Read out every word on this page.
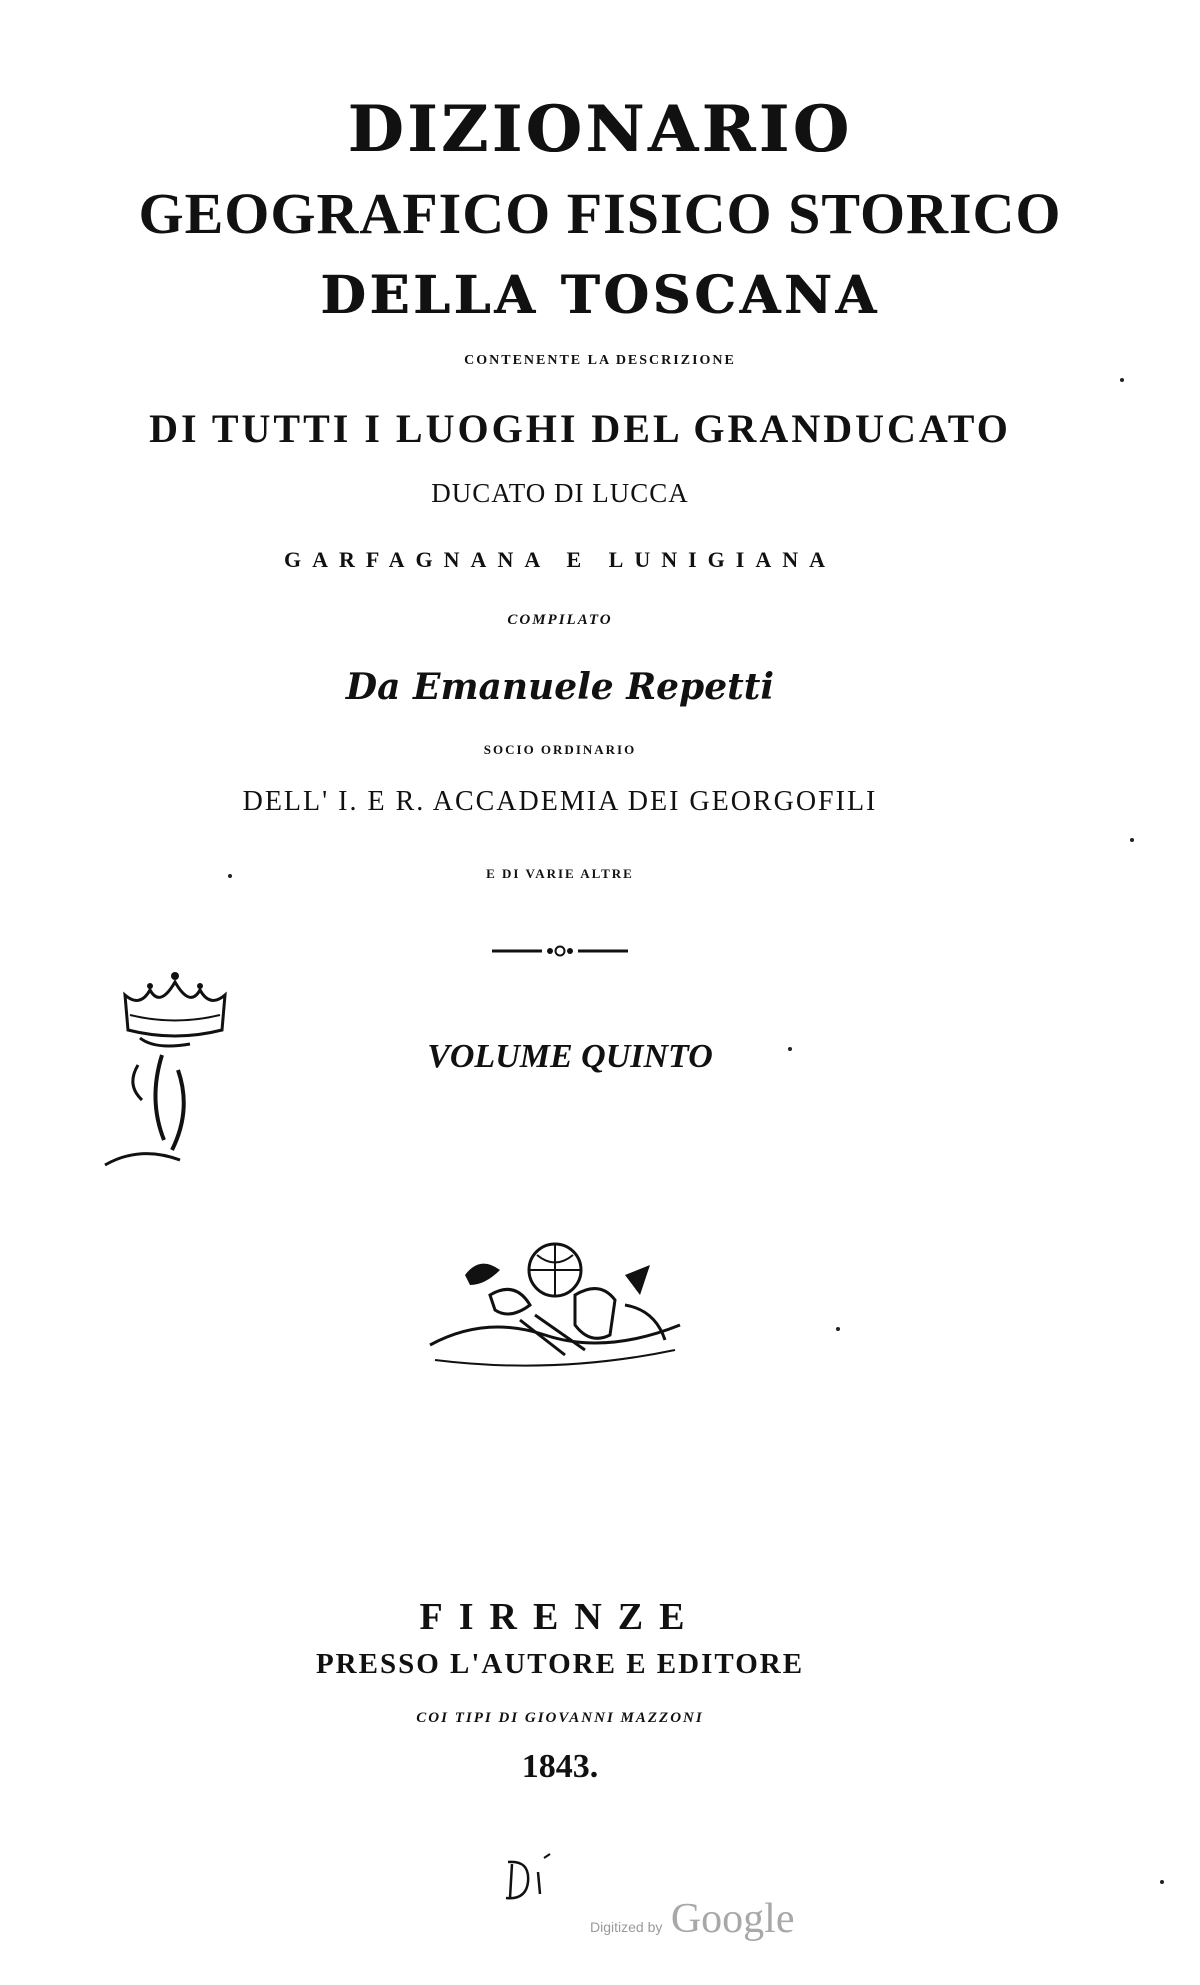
DIZIONARIO
GEOGRAFICO FISICO STORICO
DELLA TOSCANA
CONTENENTE LA DESCRIZIONE
DI TUTTI I LUOGHI DEL GRANDUCATO
DUCATO DI LUCCA
GARFAGNANA E LUNIGIANA
COMPILATO
Da Emanuele Repetti
SOCIO ORDINARIO
DELL' I. E R. ACCADEMIA DEI GEORGOFILI
E DI VARIE ALTRE
VOLUME QUINTO
FIRENZE
PRESSO L'AUTORE E EDITORE
COI TIPI DI GIOVANNI MAZZONI
1843.
Digitized by Google
